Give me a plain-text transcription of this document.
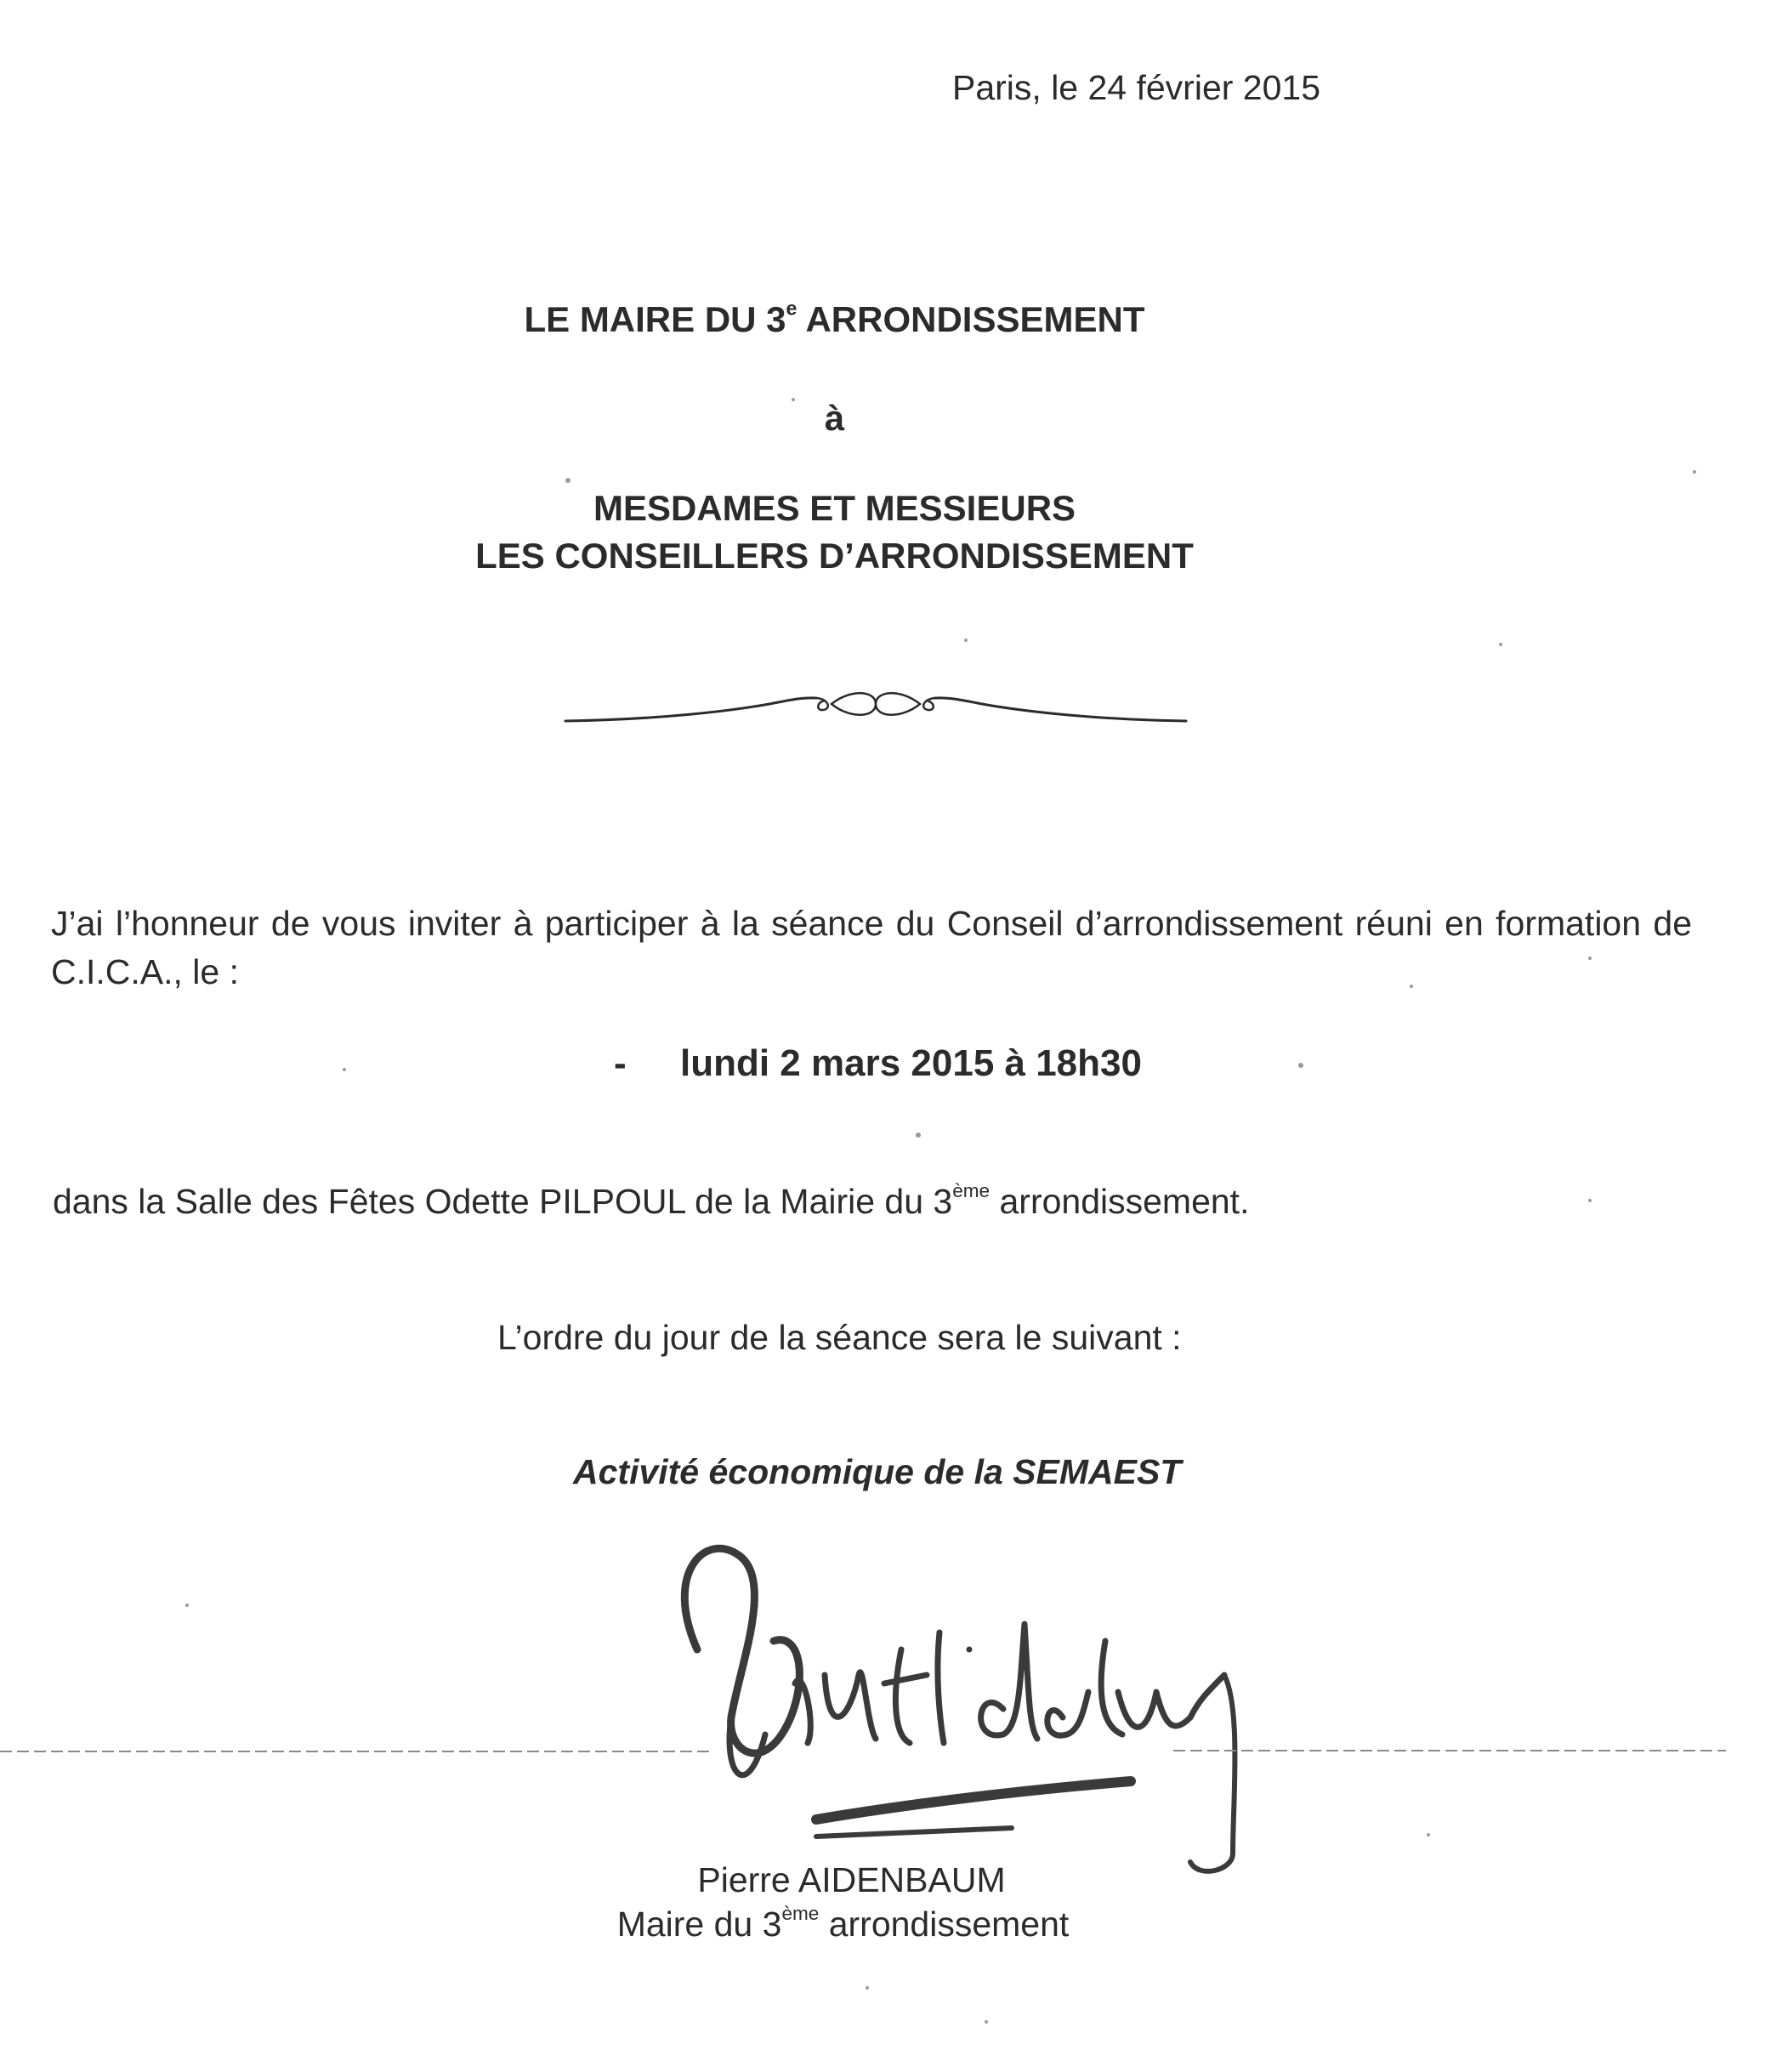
Paris, le 24 février 2015
LE MAIRE DU 3e ARRONDISSEMENT
à
MESDAMES ET MESSIEURS
LES CONSEILLERS D’ARRONDISSEMENT
J’ai l’honneur de vous inviter à participer à la séance du Conseil d’arrondissement réuni en formation de C.I.C.A., le :
- lundi 2 mars 2015 à 18h30
dans la Salle des Fêtes Odette PILPOUL de la Mairie du 3ème arrondissement.
L’ordre du jour de la séance sera le suivant :
Activité économique de la SEMAEST
Pierre AIDENBAUM
Maire du 3ème arrondissement
